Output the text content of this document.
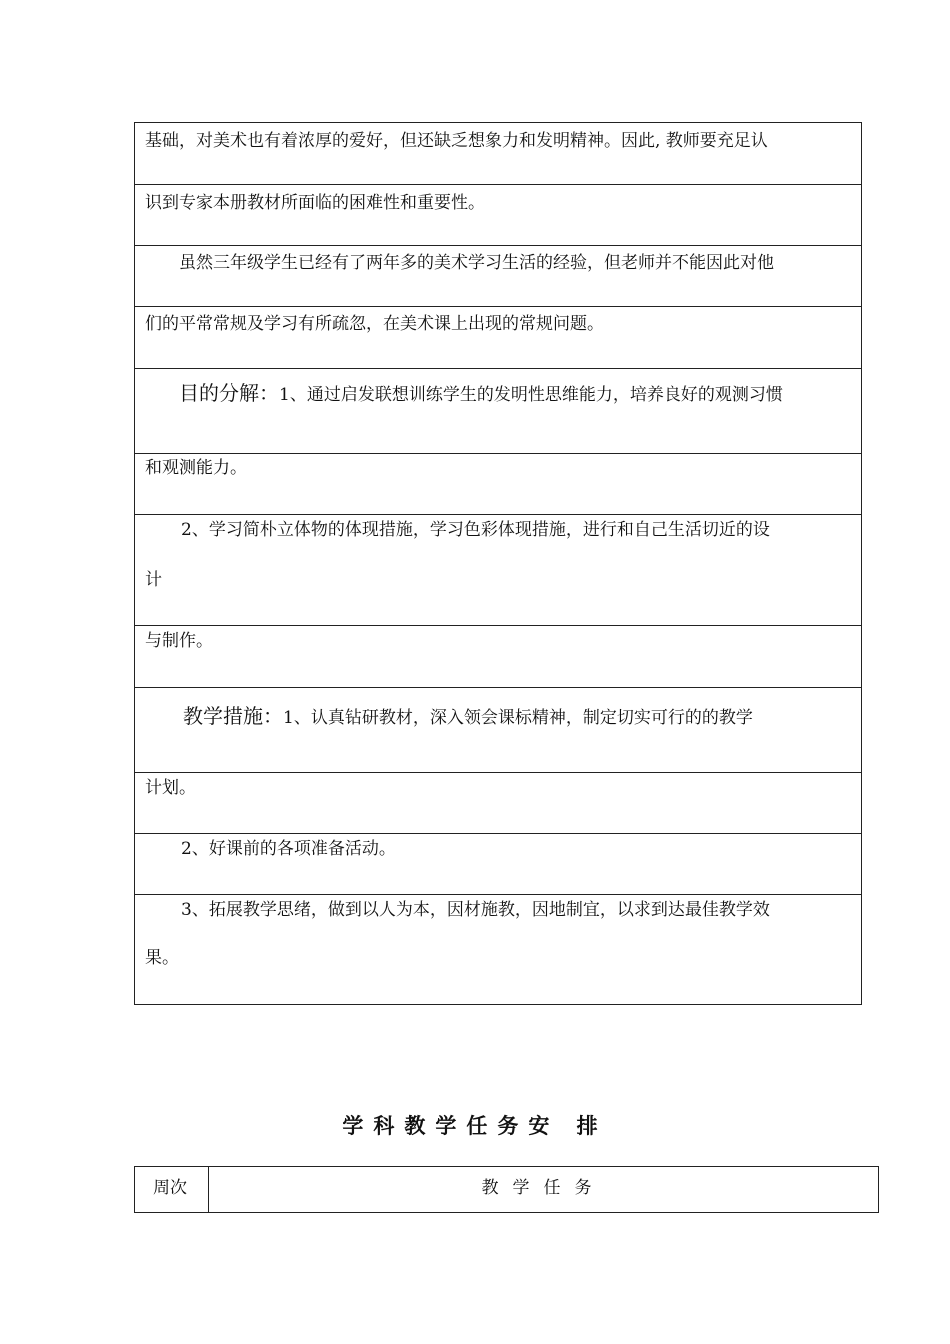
基础，对美术也有着浓厚的爱好，但还缺乏想象力和发明精神。因此, 教师要充足认
识到专家本册教材所面临的困难性和重要性。
虽然三年级学生已经有了两年多的美术学习生活的经验，但老师并不能因此对他
们的平常常规及学习有所疏忽，在美术课上出现的常规问题。
目的分解：1、通过启发联想训练学生的发明性思维能力，培养良好的观测习惯
和观测能力。
2、学习简朴立体物的体现措施，学习色彩体现措施，进行和自己生活切近的设
计
与制作。
教学措施：1、认真钻研教材，深入领会课标精神，制定切实可行的的教学
计划。
2、好课前的各项准备活动。
3、拓展教学思绪，做到以人为本，因材施教，因地制宜，以求到达最佳教学效
果。
学科教学任务安 排
周次	教学任务
